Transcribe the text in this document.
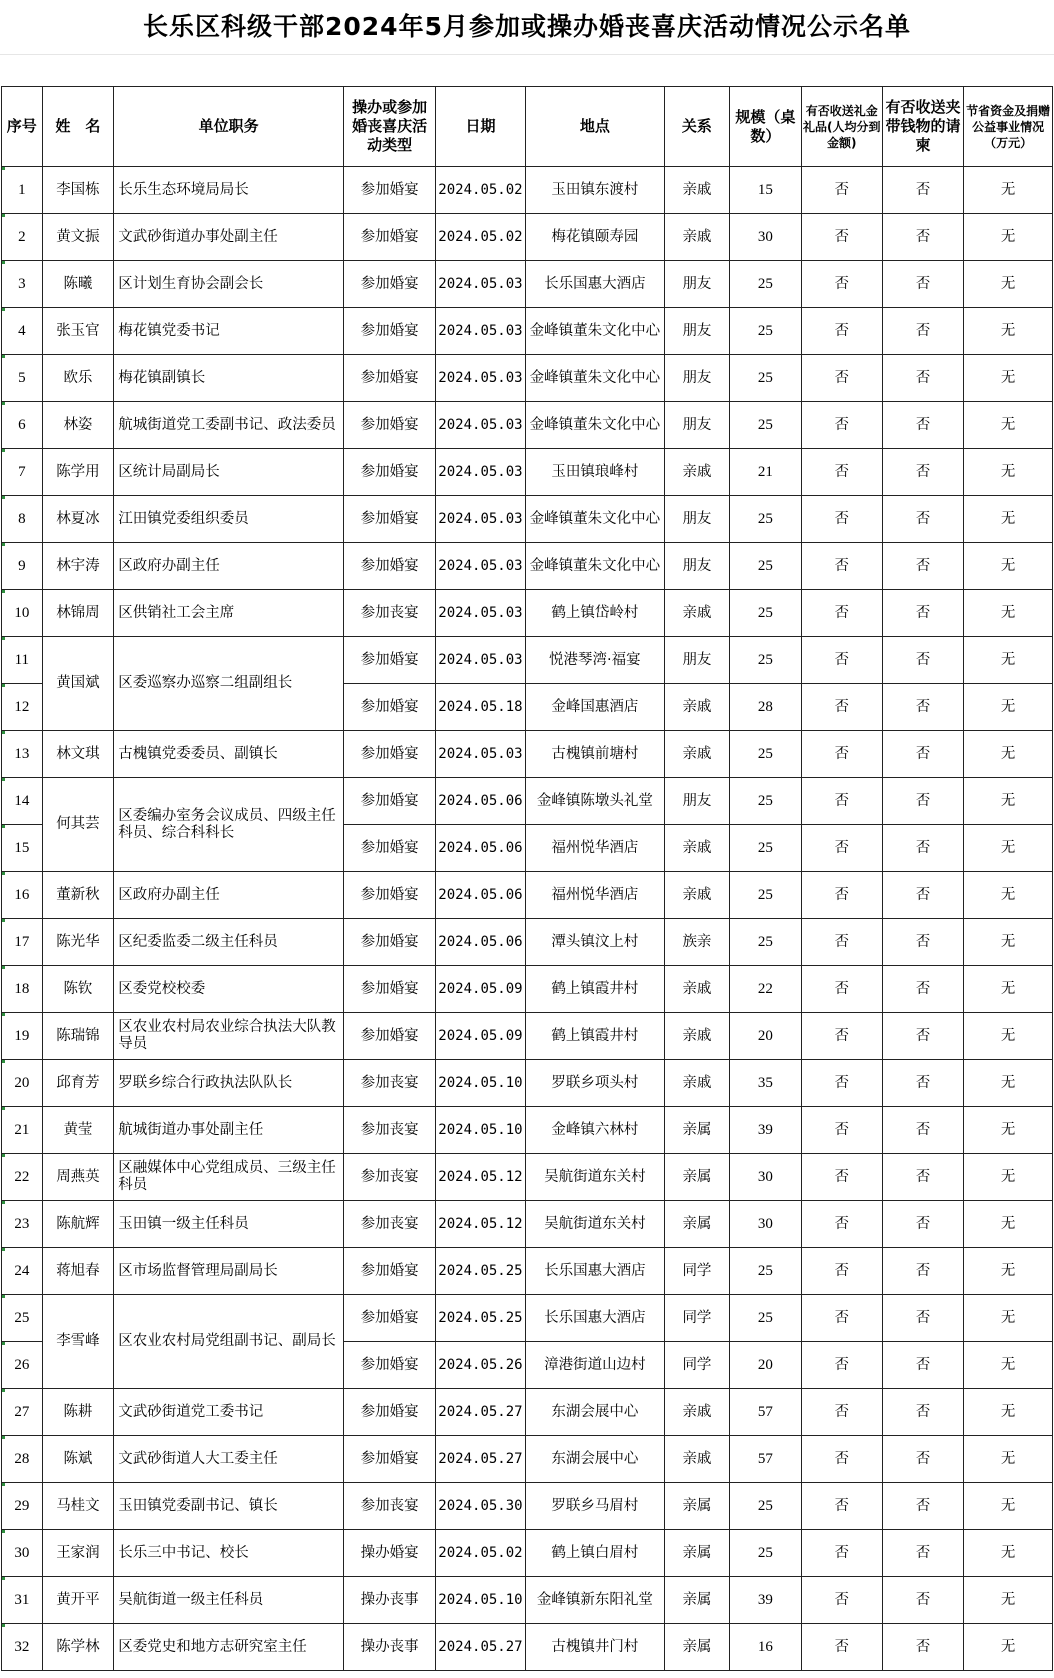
长乐区科级干部2024年5月参加或操办婚丧喜庆活动情况公示名单
序号	姓　名	单位职务	操办或参加婚丧喜庆活动类型	日期	地点	关系	规模（桌数）	有否收送礼金礼品(人均分到金额)	有否收送夹带钱物的请柬	节省资金及捐赠公益事业情况（万元）
1	李国栋	长乐生态环境局局长	参加婚宴	2024.05.02	玉田镇东渡村	亲戚	15	否	否	无
2	黄文振	文武砂街道办事处副主任	参加婚宴	2024.05.02	梅花镇颐寿园	亲戚	30	否	否	无
3	陈曦	区计划生育协会副会长	参加婚宴	2024.05.03	长乐国惠大酒店	朋友	25	否	否	无
4	张玉官	梅花镇党委书记	参加婚宴	2024.05.03	金峰镇董朱文化中心	朋友	25	否	否	无
5	欧乐	梅花镇副镇长	参加婚宴	2024.05.03	金峰镇董朱文化中心	朋友	25	否	否	无
6	林姿	航城街道党工委副书记、政法委员	参加婚宴	2024.05.03	金峰镇董朱文化中心	朋友	25	否	否	无
7	陈学用	区统计局副局长	参加婚宴	2024.05.03	玉田镇琅峰村	亲戚	21	否	否	无
8	林夏冰	江田镇党委组织委员	参加婚宴	2024.05.03	金峰镇董朱文化中心	朋友	25	否	否	无
9	林宇涛	区政府办副主任	参加婚宴	2024.05.03	金峰镇董朱文化中心	朋友	25	否	否	无
10	林锦周	区供销社工会主席	参加丧宴	2024.05.03	鹤上镇岱岭村	亲戚	25	否	否	无
11	黄国斌	区委巡察办巡察二组副组长	参加婚宴	2024.05.03	悦港琴湾·福宴	朋友	25	否	否	无
12			参加婚宴	2024.05.18	金峰国惠酒店	亲戚	28	否	否	无
13	林文琪	古槐镇党委委员、副镇长	参加婚宴	2024.05.03	古槐镇前塘村	亲戚	25	否	否	无
14	何其芸	区委编办室务会议成员、四级主任科员、综合科科长	参加婚宴	2024.05.06	金峰镇陈墩头礼堂	朋友	25	否	否	无
15			参加婚宴	2024.05.06	福州悦华酒店	亲戚	25	否	否	无
16	董新秋	区政府办副主任	参加婚宴	2024.05.06	福州悦华酒店	亲戚	25	否	否	无
17	陈光华	区纪委监委二级主任科员	参加婚宴	2024.05.06	潭头镇汶上村	族亲	25	否	否	无
18	陈钦	区委党校校委	参加婚宴	2024.05.09	鹤上镇霞井村	亲戚	22	否	否	无
19	陈瑞锦	区农业农村局农业综合执法大队教导员	参加婚宴	2024.05.09	鹤上镇霞井村	亲戚	20	否	否	无
20	邱育芳	罗联乡综合行政执法队队长	参加丧宴	2024.05.10	罗联乡项头村	亲戚	35	否	否	无
21	黄莹	航城街道办事处副主任	参加丧宴	2024.05.10	金峰镇六林村	亲属	39	否	否	无
22	周燕英	区融媒体中心党组成员、三级主任科员	参加丧宴	2024.05.12	吴航街道东关村	亲属	30	否	否	无
23	陈航辉	玉田镇一级主任科员	参加丧宴	2024.05.12	吴航街道东关村	亲属	30	否	否	无
24	蒋旭春	区市场监督管理局副局长	参加婚宴	2024.05.25	长乐国惠大酒店	同学	25	否	否	无
25	李雪峰	区农业农村局党组副书记、副局长	参加婚宴	2024.05.25	长乐国惠大酒店	同学	25	否	否	无
26			参加婚宴	2024.05.26	漳港街道山边村	同学	20	否	否	无
27	陈耕	文武砂街道党工委书记	参加婚宴	2024.05.27	东湖会展中心	亲戚	57	否	否	无
28	陈斌	文武砂街道人大工委主任	参加婚宴	2024.05.27	东湖会展中心	亲戚	57	否	否	无
29	马桂文	玉田镇党委副书记、镇长	参加丧宴	2024.05.30	罗联乡马眉村	亲属	25	否	否	无
30	王家润	长乐三中书记、校长	操办婚宴	2024.05.02	鹤上镇白眉村	亲属	25	否	否	无
31	黄开平	吴航街道一级主任科员	操办丧事	2024.05.10	金峰镇新东阳礼堂	亲属	39	否	否	无
32	陈学林	区委党史和地方志研究室主任	操办丧事	2024.05.27	古槐镇井门村	亲属	16	否	否	无
